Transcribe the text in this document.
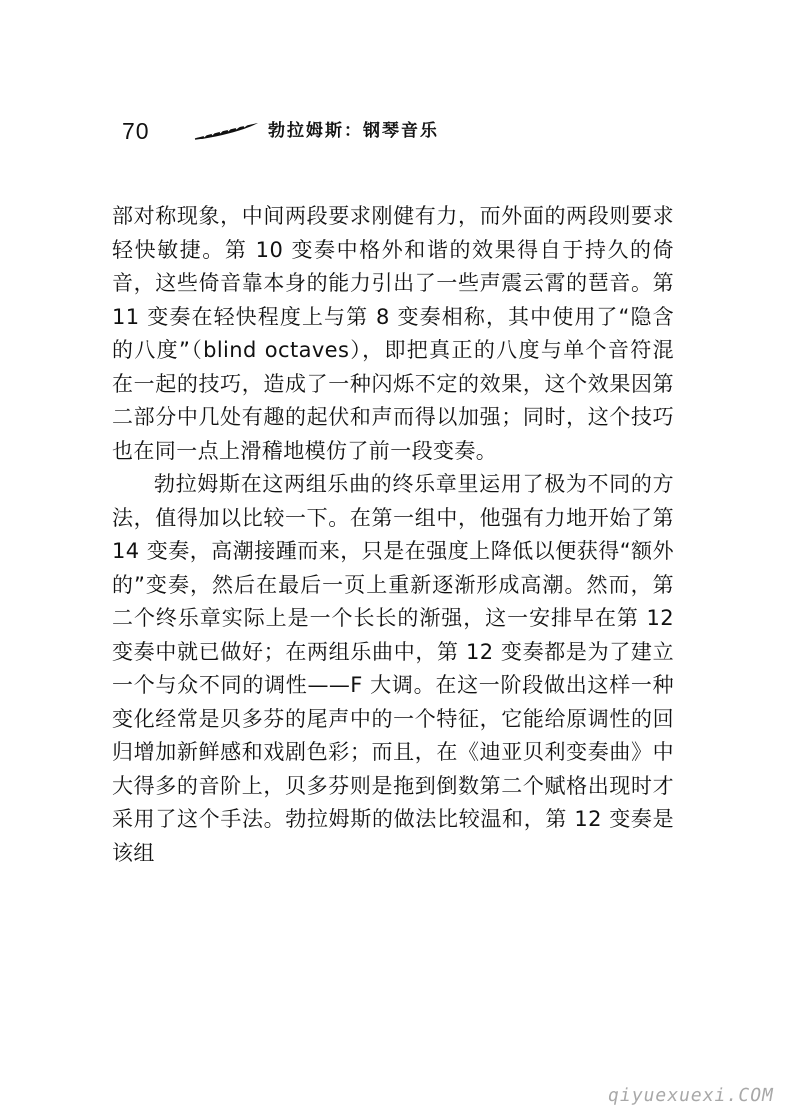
70	勃拉姆斯：钢琴音乐

部对称现象，中间两段要求刚健有力，而外面的两段则要求轻快敏捷。第 10 变奏中格外和谐的效果得自于持久的倚音，这些倚音靠本身的能力引出了一些声震云霄的琶音。第 11 变奏在轻快程度上与第 8 变奏相称，其中使用了“隐含的八度”（blind octaves），即把真正的八度与单个音符混在一起的技巧，造成了一种闪烁不定的效果，这个效果因第二部分中几处有趣的起伏和声而得以加强；同时，这个技巧也在同一点上滑稽地模仿了前一段变奏。

勃拉姆斯在这两组乐曲的终乐章里运用了极为不同的方法，值得加以比较一下。在第一组中，他强有力地开始了第 14 变奏，高潮接踵而来，只是在强度上降低以便获得“额外的”变奏，然后在最后一页上重新逐渐形成高潮。然而，第二个终乐章实际上是一个长长的渐强，这一安排早在第 12 变奏中就已做好；在两组乐曲中，第 12 变奏都是为了建立一个与众不同的调性——F 大调。在这一阶段做出这样一种变化经常是贝多芬的尾声中的一个特征，它能给原调性的回归增加新鲜感和戏剧色彩；而且，在《迪亚贝利变奏曲》中大得多的音阶上，贝多芬则是拖到倒数第二个赋格出现时才采用了这个手法。勃拉姆斯的做法比较温和，第 12 变奏是该组

qiyuexuexi.COM
